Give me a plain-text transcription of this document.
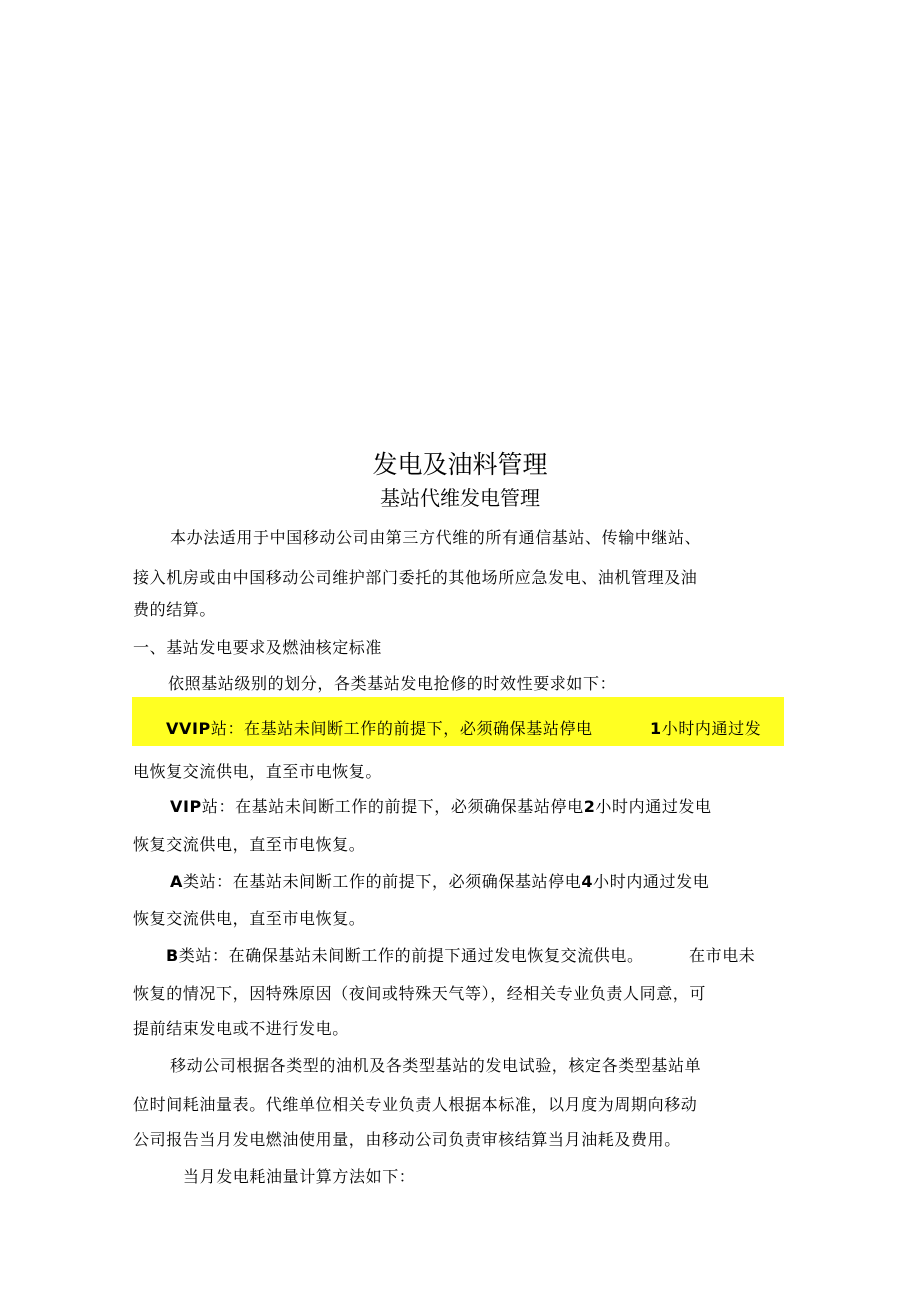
发电及油料管理
基站代维发电管理
本办法适用于中国移动公司由第三方代维的所有通信基站、传输中继站、
接入机房或由中国移动公司维护部门委托的其他场所应急发电、油机管理及油
费的结算。
一、基站发电要求及燃油核定标准
依照基站级别的划分，各类基站发电抢修的时效性要求如下：
VVIP站：在基站未间断工作的前提下，必须确保基站停电	1小时内通过发
电恢复交流供电，直至市电恢复。
VIP站：在基站未间断工作的前提下，必须确保基站停电2小时内通过发电
恢复交流供电，直至市电恢复。
A类站：在基站未间断工作的前提下，必须确保基站停电4小时内通过发电
恢复交流供电，直至市电恢复。
B类站：在确保基站未间断工作的前提下通过发电恢复交流供电。	在市电未
恢复的情况下，因特殊原因（夜间或特殊天气等），经相关专业负责人同意，可
提前结束发电或不进行发电。
移动公司根据各类型的油机及各类型基站的发电试验，核定各类型基站单
位时间耗油量表。代维单位相关专业负责人根据本标准，以月度为周期向移动
公司报告当月发电燃油使用量，由移动公司负责审核结算当月油耗及费用。
当月发电耗油量计算方法如下：
